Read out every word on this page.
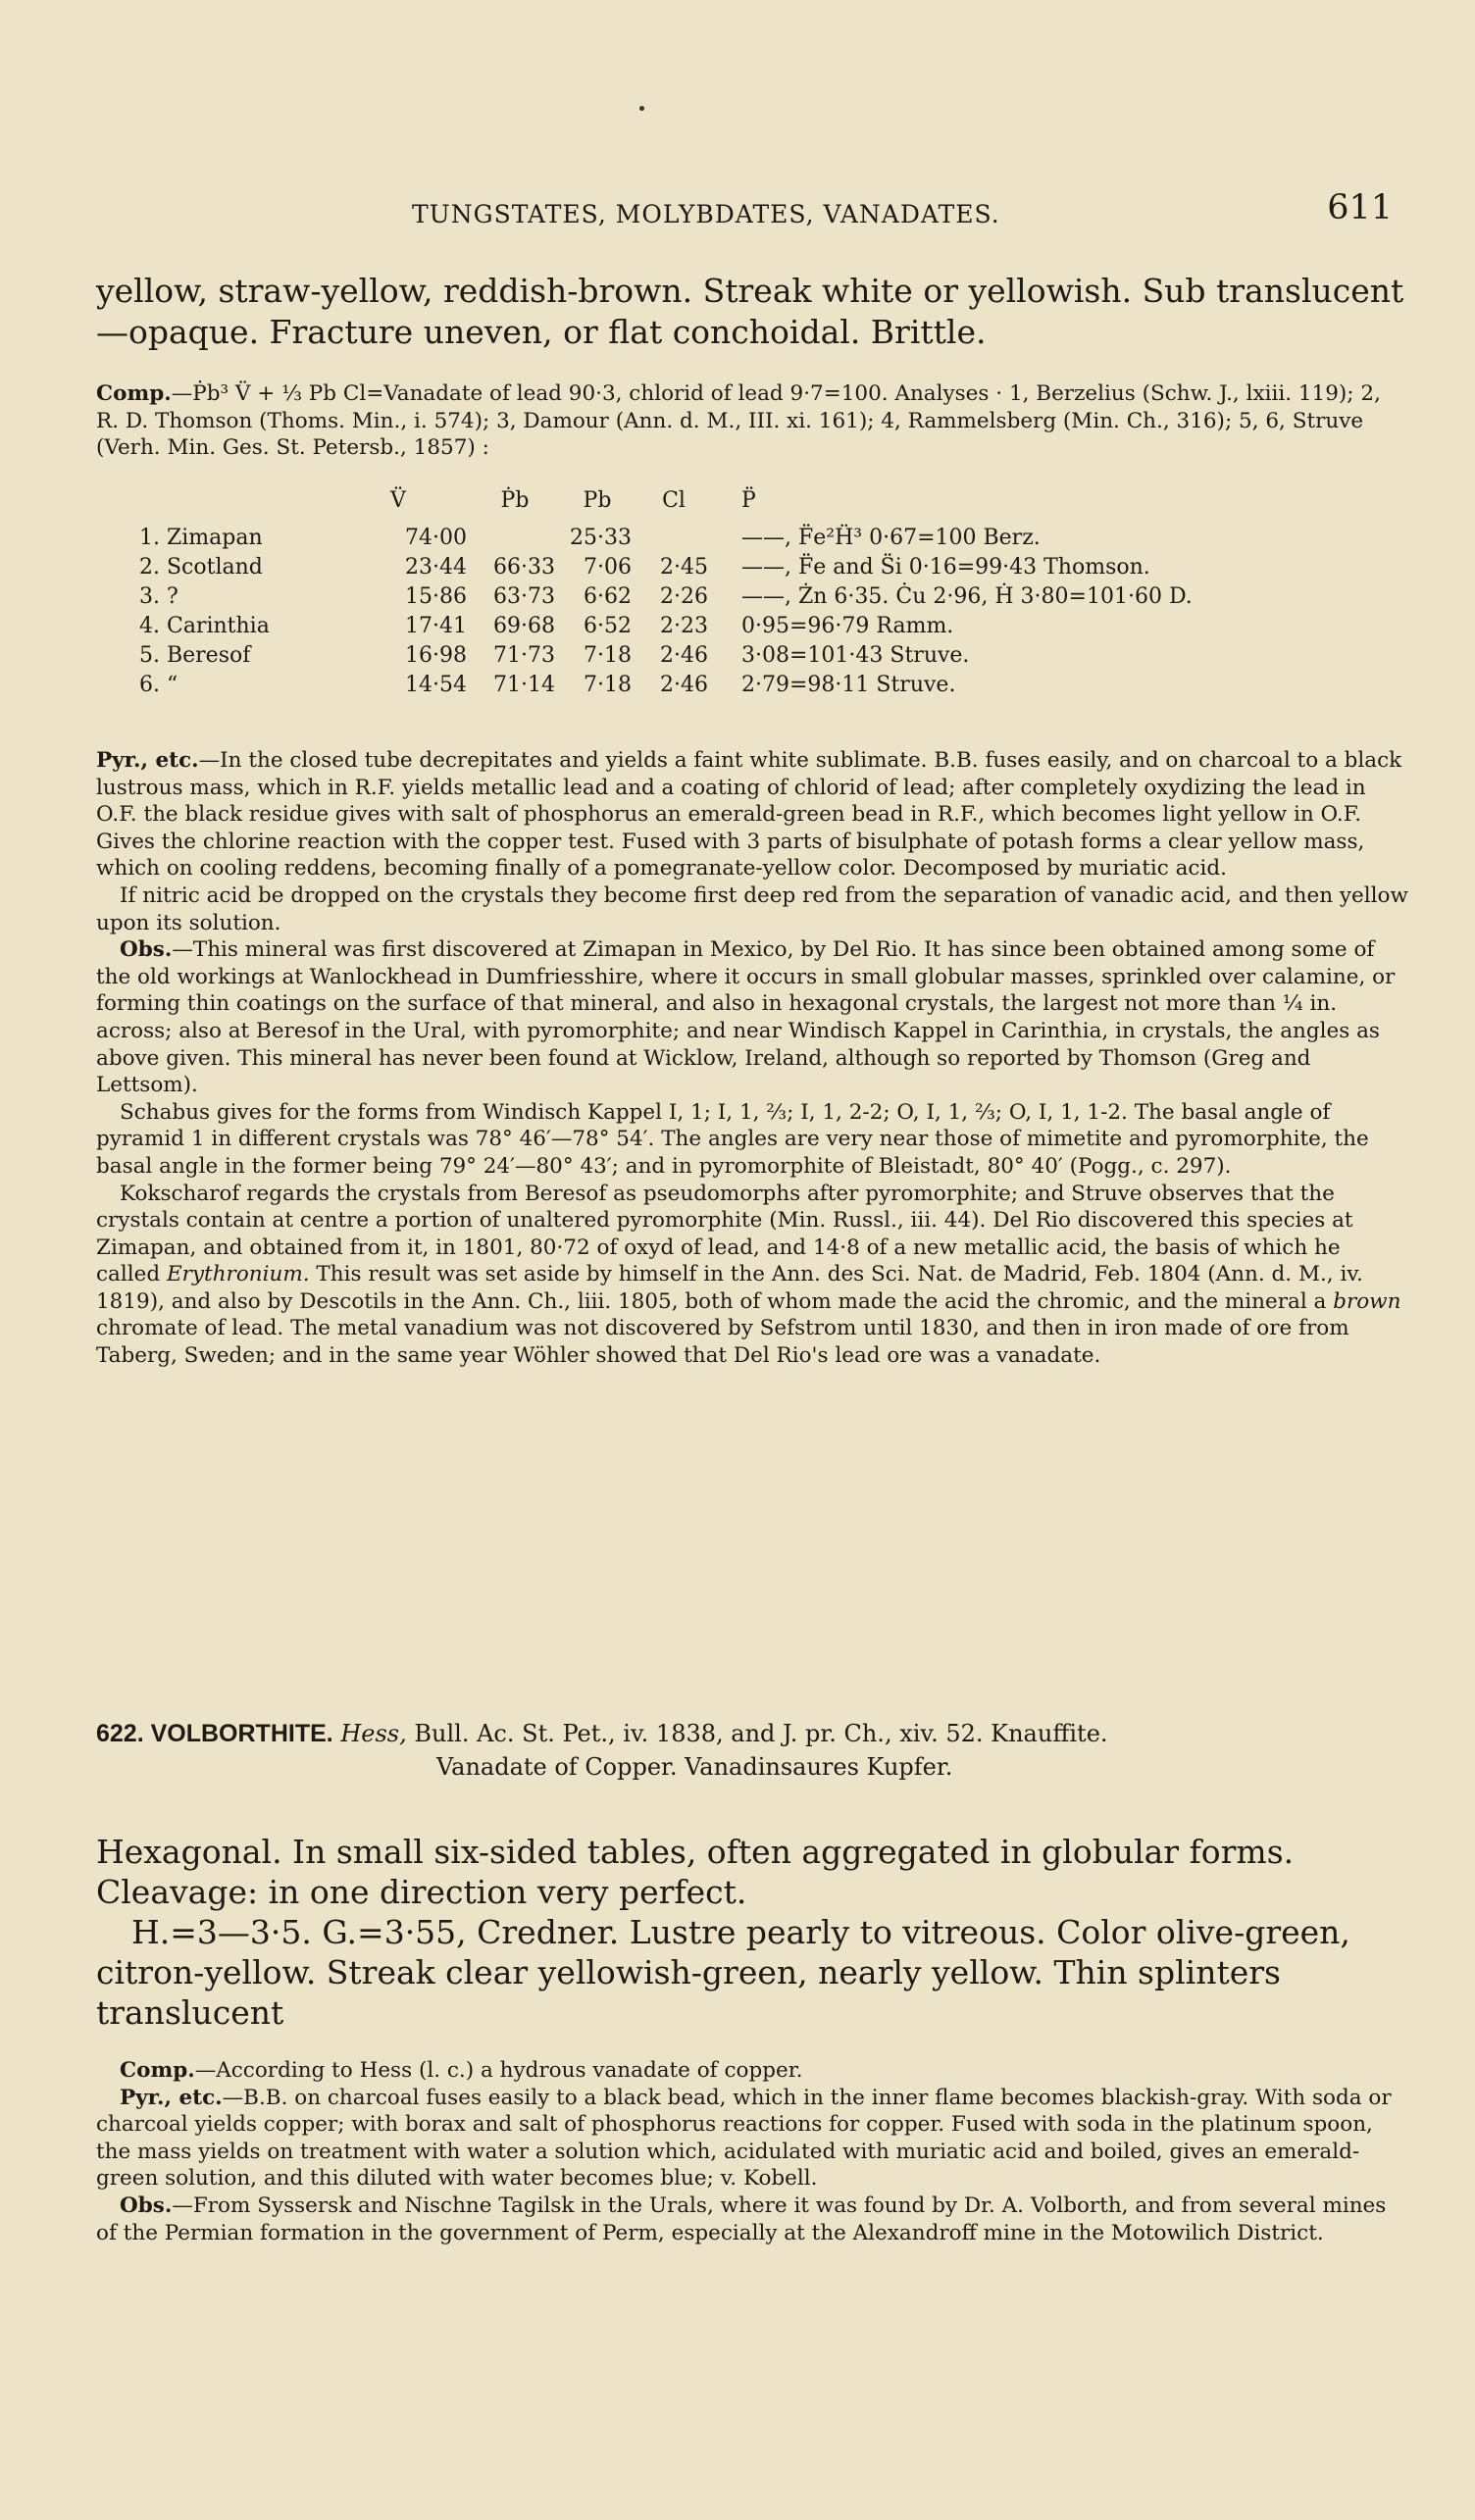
TUNGSTATES, MOLYBDATES, VANADATES.	611
yellow, straw-yellow, reddish-brown. Streak white or yellowish. Sub translucent—opaque. Fracture uneven, or flat conchoidal. Brittle.

Comp.—Ṗb³ V̈ + ⅓ Pb Cl=Vanadate of lead 90·3, chlorid of lead 9·7=100. Analyses · 1, Berzelius (Schw. J., lxiii. 119); 2, R. D. Thomson (Thoms. Min., i. 574); 3, Damour (Ann. d. M., III. xi. 161); 4, Rammelsberg (Min. Ch., 316); 5, 6, Struve (Verh. Min. Ges. St. Petersb., 1857) :

	V̈	Ṗb	Pb	Cl	P̈
1. Zimapan	74·00		25·33		——, F̈e²Ḧ³ 0·67=100 Berz.
2. Scotland	23·44	66·33	7·06	2·45	——, F̈e and S̈i 0·16=99·43 Thomson.
3. ?	15·86	63·73	6·62	2·26	——, Żn 6·35. Ċu 2·96, Ḣ 3·80=101·60 D.
4. Carinthia	17·41	69·68	6·52	2·23	0·95=96·79 Ramm.
5. Beresof	16·98	71·73	7·18	2·46	3·08=101·43 Struve.
6. “	14·54	71·14	7·18	2·46	2·79=98·11 Struve.

Pyr., etc.—In the closed tube decrepitates and yields a faint white sublimate. B.B. fuses easily, and on charcoal to a black lustrous mass, which in R.F. yields metallic lead and a coating of chlorid of lead; after completely oxydizing the lead in O.F. the black residue gives with salt of phosphorus an emerald-green bead in R.F., which becomes light yellow in O.F. Gives the chlorine reaction with the copper test. Fused with 3 parts of bisulphate of potash forms a clear yellow mass, which on cooling reddens, becoming finally of a pomegranate-yellow color. Decomposed by muriatic acid.

If nitric acid be dropped on the crystals they become first deep red from the separation of vanadic acid, and then yellow upon its solution.

Obs.—This mineral was first discovered at Zimapan in Mexico, by Del Rio. It has since been obtained among some of the old workings at Wanlockhead in Dumfriesshire, where it occurs in small globular masses, sprinkled over calamine, or forming thin coatings on the surface of that mineral, and also in hexagonal crystals, the largest not more than ¼ in. across; also at Beresof in the Ural, with pyromorphite; and near Windisch Kappel in Carinthia, in crystals, the angles as above given. This mineral has never been found at Wicklow, Ireland, although so reported by Thomson (Greg and Lettsom).

Schabus gives for the forms from Windisch Kappel I, 1; I, 1, ⅔; I, 1, 2-2; O, I, 1, ⅔; O, I, 1, 1-2. The basal angle of pyramid 1 in different crystals was 78° 46′—78° 54′. The angles are very near those of mimetite and pyromorphite, the basal angle in the former being 79° 24′—80° 43′; and in pyromorphite of Bleistadt, 80° 40′ (Pogg., c. 297).

Kokscharof regards the crystals from Beresof as pseudomorphs after pyromorphite; and Struve observes that the crystals contain at centre a portion of unaltered pyromorphite (Min. Russl., iii. 44). Del Rio discovered this species at Zimapan, and obtained from it, in 1801, 80·72 of oxyd of lead, and 14·8 of a new metallic acid, the basis of which he called Erythronium. This result was set aside by himself in the Ann. des Sci. Nat. de Madrid, Feb. 1804 (Ann. d. M., iv. 1819), and also by Descotils in the Ann. Ch., liii. 1805, both of whom made the acid the chromic, and the mineral a brown chromate of lead. The metal vanadium was not discovered by Sefstrom until 1830, and then in iron made of ore from Taberg, Sweden; and in the same year Wöhler showed that Del Rio's lead ore was a vanadate.

622. VOLBORTHITE. Hess, Bull. Ac. St. Pet., iv. 1838, and J. pr. Ch., xiv. 52. Knauffite.
Vanadate of Copper. Vanadinsaures Kupfer.
Hexagonal. In small six-sided tables, often aggregated in globular forms. Cleavage: in one direction very perfect.
H.=3—3·5. G.=3·55, Credner. Lustre pearly to vitreous. Color olive-green, citron-yellow. Streak clear yellowish-green, nearly yellow. Thin splinters translucent

Comp.—According to Hess (l. c.) a hydrous vanadate of copper.

Pyr., etc.—B.B. on charcoal fuses easily to a black bead, which in the inner flame becomes blackish-gray. With soda or charcoal yields copper; with borax and salt of phosphorus reactions for copper. Fused with soda in the platinum spoon, the mass yields on treatment with water a solution which, acidulated with muriatic acid and boiled, gives an emerald-green solution, and this diluted with water becomes blue; v. Kobell.

Obs.—From Syssersk and Nischne Tagilsk in the Urals, where it was found by Dr. A. Volborth, and from several mines of the Permian formation in the government of Perm, especially at the Alexandroff mine in the Motowilich District.
